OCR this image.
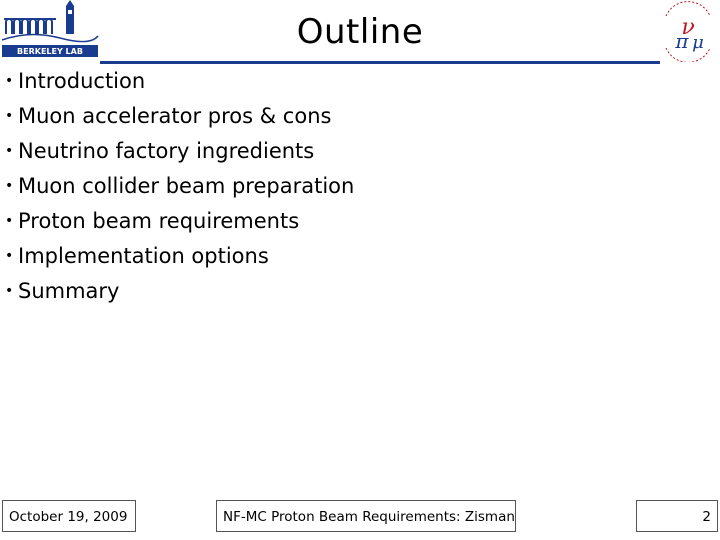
BERKELEY LAB	Outline	ν
π μ
• Introduction
• Muon accelerator pros & cons
• Neutrino factory ingredients
• Muon collider beam preparation
• Proton beam requirements
• Implementation options
• Summary
October 19, 2009	NF-MC Proton Beam Requirements: Zisman	2
